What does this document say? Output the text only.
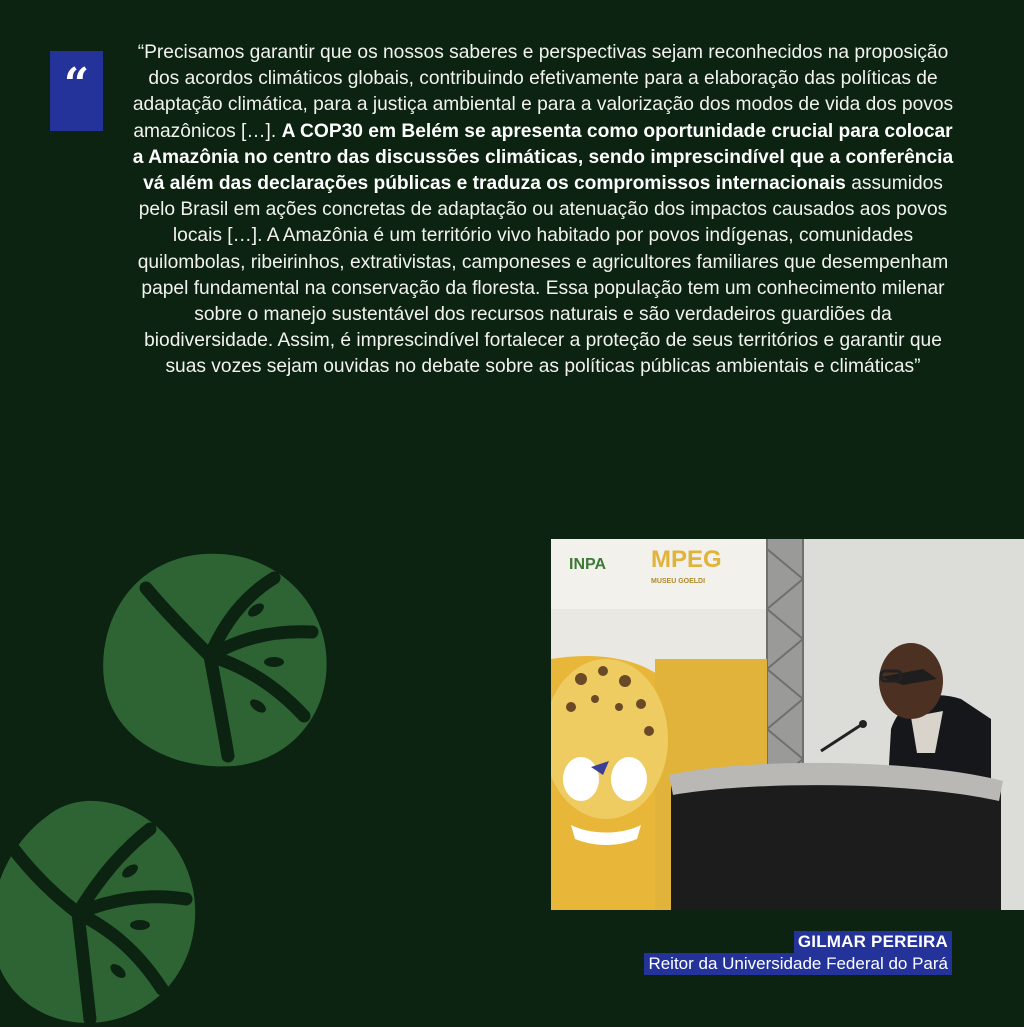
“

“Precisamos garantir que os nossos saberes e perspectivas sejam reconhecidos na proposição dos acordos climáticos globais, contribuindo efetivamente para a elaboração das políticas de adaptação climática, para a justiça ambiental e para a valorização dos modos de vida dos povos amazônicos […]. A COP30 em Belém se apresenta como oportunidade crucial para colocar a Amazônia no centro das discussões climáticas, sendo imprescindível que a conferência vá além das declarações públicas e traduza os compromissos internacionais assumidos pelo Brasil em ações concretas de adaptação ou atenuação dos impactos causados aos povos locais […]. A Amazônia é um território vivo habitado por povos indígenas, comunidades quilombolas, ribeirinhos, extrativistas, camponeses e agricultores familiares que desempenham papel fundamental na conservação da floresta. Essa população tem um conhecimento milenar sobre o manejo sustentável dos recursos naturais e são verdadeiros guardiões da biodiversidade. Assim, é imprescindível fortalecer a proteção de seus territórios e garantir que suas vozes sejam ouvidas no debate sobre as políticas públicas ambientais e climáticas”

INPA MPEG
MUSEU GOELDI
GILMAR PEREIRA
Reitor da Universidade Federal do Pará
